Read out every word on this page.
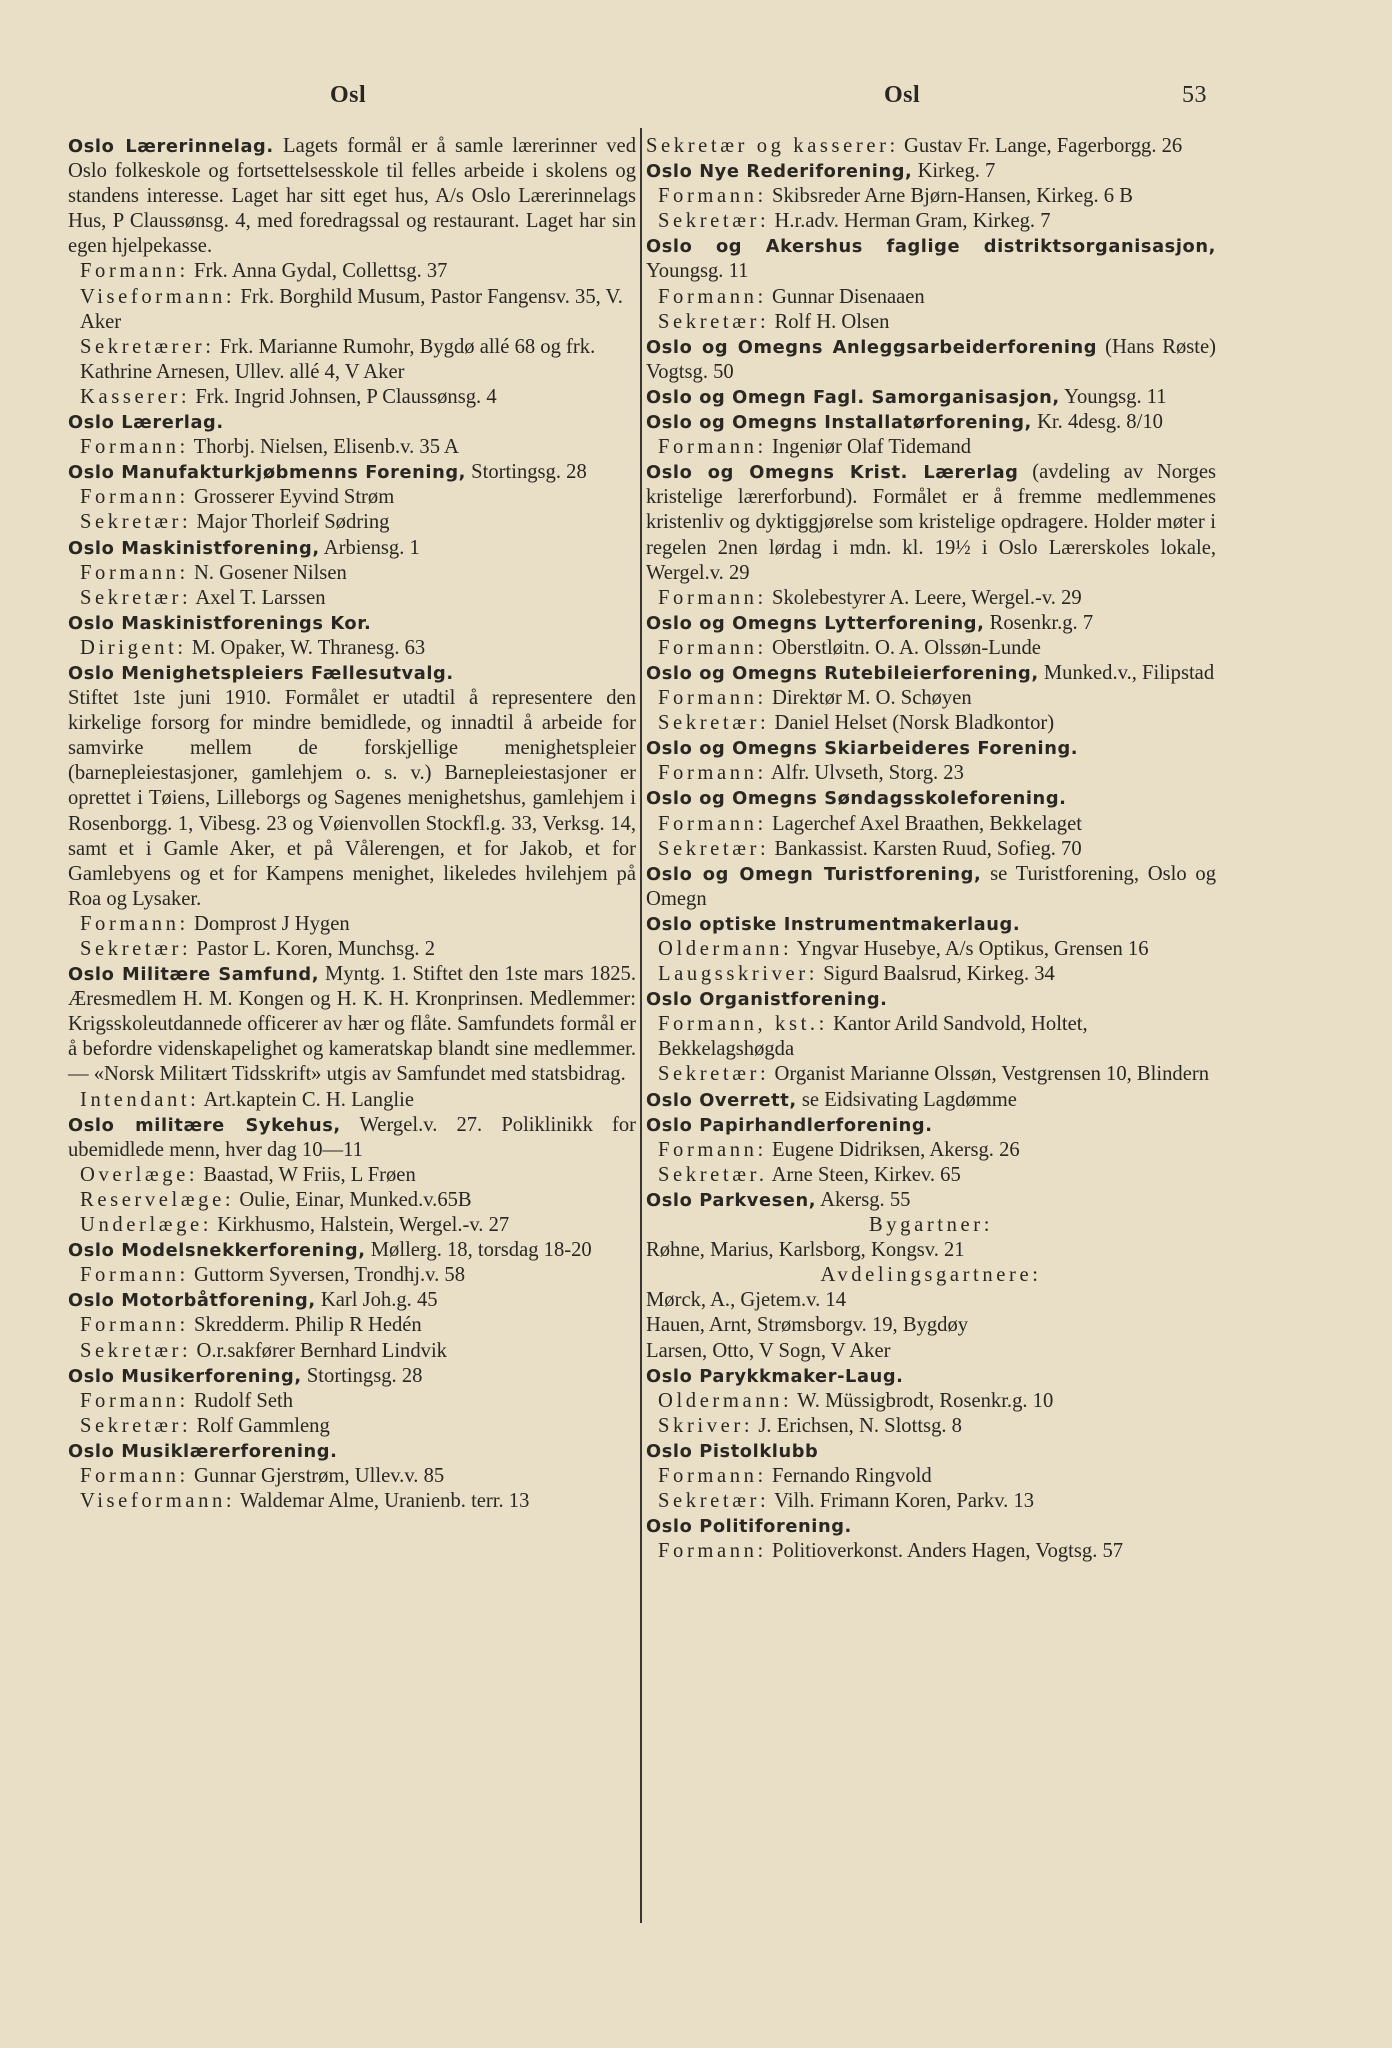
Osl	Osl	53
Oslo Lærerinnelag. Lagets formål er å samle lærerinner ved Oslo folkeskole og fortsettelsesskole til felles arbeide i skolens og standens interesse. Laget har sitt eget hus, A/s Oslo Lærerinnelags Hus, P Claussønsg. 4, med foredragssal og restaurant. Laget har sin egen hjelpekasse.
Formann: Frk. Anna Gydal, Collettsg. 37
Viseformann: Frk. Borghild Musum, Pastor Fangensv. 35, V. Aker
Sekretærer: Frk. Marianne Rumohr, Bygdø allé 68 og frk. Kathrine Arnesen, Ullev. allé 4, V Aker
Kasserer: Frk. Ingrid Johnsen, P Claussønsg. 4
Oslo Lærerlag.
Formann: Thorbj. Nielsen, Elisenb.v. 35 A
Oslo Manufakturkjøbmenns Forening, Stortingsg. 28
Formann: Grosserer Eyvind Strøm
Sekretær: Major Thorleif Sødring
Oslo Maskinistforening, Arbiensg. 1
Formann: N. Gosener Nilsen
Sekretær: Axel T. Larssen
Oslo Maskinistforenings Kor.
Dirigent: M. Opaker, W. Thranesg. 63
Oslo Menighetspleiers Fællesutvalg.
Stiftet 1ste juni 1910. Formålet er utadtil å representere den kirkelige forsorg for mindre bemidlede, og innadtil å arbeide for samvirke mellem de forskjellige menighetspleier (barnepleiestasjoner, gamlehjem o. s. v.) Barnepleiestasjoner er oprettet i Tøiens, Lilleborgs og Sagenes menighetshus, gamlehjem i Rosenborgg. 1, Vibesg. 23 og Vøienvollen Stockfl.g. 33, Verksg. 14, samt et i Gamle Aker, et på Vålerengen, et for Jakob, et for Gamlebyens og et for Kampens menighet, likeledes hvilehjem på Roa og Lysaker.
Formann: Domprost J Hygen
Sekretær: Pastor L. Koren, Munchsg. 2
Oslo Militære Samfund, Myntg. 1. Stiftet den 1ste mars 1825. Æresmedlem H. M. Kongen og H. K. H. Kronprinsen. Medlemmer: Krigsskoleutdannede officerer av hær og flåte. Samfundets formål er å befordre videnskapelighet og kameratskap blandt sine medlemmer. — «Norsk Militært Tidsskrift» utgis av Samfundet med statsbidrag.
Intendant: Art.kaptein C. H. Langlie
Oslo militære Sykehus, Wergel.v. 27. Poliklinikk for ubemidlede menn, hver dag 10—11
Overlæge: Baastad, W Friis, L Frøen
Reservelæge: Oulie, Einar, Munked.v.65B
Underlæge: Kirkhusmo, Halstein, Wergel.-v. 27
Oslo Modelsnekkerforening, Møllerg. 18, torsdag 18-20
Formann: Guttorm Syversen, Trondhj.v. 58
Oslo Motorbåtforening, Karl Joh.g. 45
Formann: Skredderm. Philip R Hedén
Sekretær: O.r.sakfører Bernhard Lindvik
Oslo Musikerforening, Stortingsg. 28
Formann: Rudolf Seth
Sekretær: Rolf Gammleng
Oslo Musiklærerforening.
Formann: Gunnar Gjerstrøm, Ullev.v. 85
Viseformann: Waldemar Alme, Uranienb. terr. 13
Sekretær og kasserer: Gustav Fr. Lange, Fagerborgg. 26
Oslo Nye Rederiforening, Kirkeg. 7
Formann: Skibsreder Arne Bjørn-Hansen, Kirkeg. 6 B
Sekretær: H.r.adv. Herman Gram, Kirkeg. 7
Oslo og Akershus faglige distriktsorganisasjon, Youngsg. 11
Formann: Gunnar Disenaaen
Sekretær: Rolf H. Olsen
Oslo og Omegns Anleggsarbeiderforening (Hans Røste) Vogtsg. 50
Oslo og Omegn Fagl. Samorganisasjon, Youngsg. 11
Oslo og Omegns Installatørforening, Kr. 4desg. 8/10
Formann: Ingeniør Olaf Tidemand
Oslo og Omegns Krist. Lærerlag (avdeling av Norges kristelige lærerforbund). Formålet er å fremme medlemmenes kristenliv og dyktiggjørelse som kristelige opdragere. Holder møter i regelen 2nen lørdag i mdn. kl. 19½ i Oslo Lærerskoles lokale, Wergel.v. 29
Formann: Skolebestyrer A. Leere, Wergel.-v. 29
Oslo og Omegns Lytterforening, Rosenkr.g. 7
Formann: Oberstløitn. O. A. Olssøn-Lunde
Oslo og Omegns Rutebileierforening, Munked.v., Filipstad
Formann: Direktør M. O. Schøyen
Sekretær: Daniel Helset (Norsk Bladkontor)
Oslo og Omegns Skiarbeideres Forening.
Formann: Alfr. Ulvseth, Storg. 23
Oslo og Omegns Søndagsskoleforening.
Formann: Lagerchef Axel Braathen, Bekkelaget
Sekretær: Bankassist. Karsten Ruud, Sofieg. 70
Oslo og Omegn Turistforening, se Turistforening, Oslo og Omegn
Oslo optiske Instrumentmakerlaug.
Oldermann: Yngvar Husebye, A/s Optikus, Grensen 16
Laugsskriver: Sigurd Baalsrud, Kirkeg. 34
Oslo Organistforening.
Formann, kst.: Kantor Arild Sandvold, Holtet, Bekkelagshøgda
Sekretær: Organist Marianne Olssøn, Vestgrensen 10, Blindern
Oslo Overrett, se Eidsivating Lagdømme
Oslo Papirhandlerforening.
Formann: Eugene Didriksen, Akersg. 26
Sekretær. Arne Steen, Kirkev. 65
Oslo Parkvesen, Akersg. 55
Bygartner:
Røhne, Marius, Karlsborg, Kongsv. 21
Avdelingsgartnere:
Mørck, A., Gjetem.v. 14
Hauen, Arnt, Strømsborgv. 19, Bygdøy
Larsen, Otto, V Sogn, V Aker
Oslo Parykkmaker-Laug.
Oldermann: W. Müssigbrodt, Rosenkr.g. 10
Skriver: J. Erichsen, N. Slottsg. 8
Oslo Pistolklubb
Formann: Fernando Ringvold
Sekretær: Vilh. Frimann Koren, Parkv. 13
Oslo Politiforening.
Formann: Politioverkonst. Anders Hagen, Vogtsg. 57
